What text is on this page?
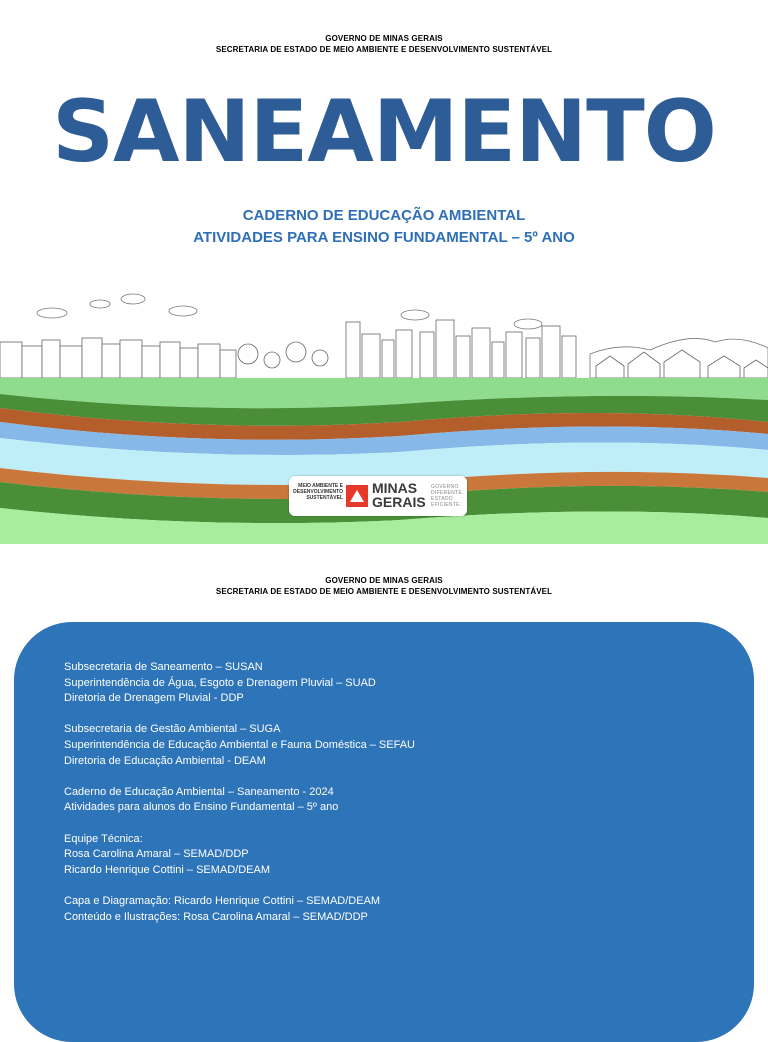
GOVERNO DE MINAS GERAIS
SECRETARIA DE ESTADO DE MEIO AMBIENTE E DESENVOLVIMENTO SUSTENTÁVEL
SANEAMENTO
CADERNO DE EDUCAÇÃO AMBIENTAL
ATIVIDADES PARA ENSINO FUNDAMENTAL – 5º ANO
MEIO AMBIENTE E
DESENVOLVIMENTO
SUSTENTÁVEL
MINAS
GERAIS
GOVERNO
DIFERENTE.
ESTADO
EFICIENTE.
GOVERNO DE MINAS GERAIS
SECRETARIA DE ESTADO DE MEIO AMBIENTE E DESENVOLVIMENTO SUSTENTÁVEL
Subsecretaria de Saneamento – SUSAN
Superintendência de Água, Esgoto e Drenagem Pluvial – SUAD
Diretoria de Drenagem Pluvial - DDP
Subsecretaria de Gestão Ambiental – SUGA
Superintendência de Educação Ambiental e Fauna Doméstica – SEFAU
Diretoria de Educação Ambiental - DEAM
Caderno de Educação Ambiental – Saneamento - 2024
Atividades para alunos do Ensino Fundamental – 5º ano
Equipe Técnica:
Rosa Carolina Amaral – SEMAD/DDP
Ricardo Henrique Cottini – SEMAD/DEAM
Capa e Diagramação: Ricardo Henrique Cottini – SEMAD/DEAM
Conteúdo e Ilustrações: Rosa Carolina Amaral – SEMAD/DDP
